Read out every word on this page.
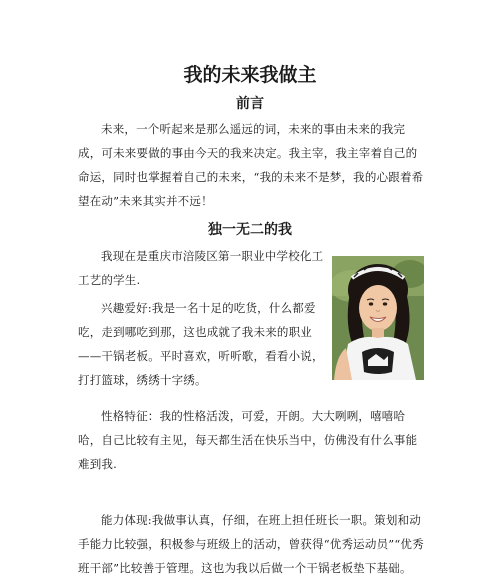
我的未来我做主
前言

未来，一个听起来是那么遥远的词，未来的事由未来的我完成，可未来要做的事由今天的我来决定。我主宰，我主宰着自己的命运，同时也掌握着自己的未来，“我的未来不是梦，我的心跟着希望在动”未来其实并不远！

独一无二的我

我现在是重庆市涪陵区第一职业中学校化工工艺的学生.

兴趣爱好:我是一名十足的吃货，什么都爱吃，走到哪吃到那，这也成就了我未来的职业——干锅老板。平时喜欢，听听歌，看看小说，打打篮球，绣绣十字绣。

性格特征：我的性格活泼，可爱，开朗。大大咧咧，嘻嘻哈哈，自己比较有主见，每天都生活在快乐当中，仿佛没有什么事能难到我.

能力体现:我做事认真，仔细，在班上担任班长一职。策划和动手能力比较强，积极参与班级上的活动，曾获得“优秀运动员”“优秀班干部”比较善于管理。这也为我以后做一个干锅老板垫下基础。
